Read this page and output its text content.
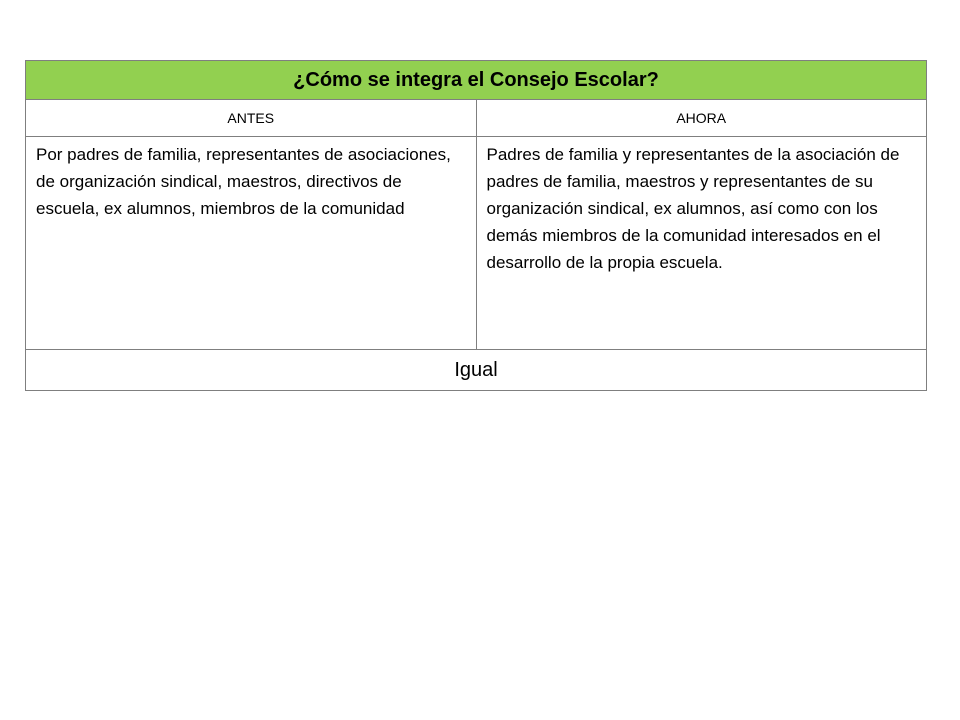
¿Cómo se integra el Consejo Escolar?	
ANTES	AHORA
Por padres de familia, representantes de asociaciones, de organización sindical, maestros, directivos de escuela, ex alumnos, miembros de la comunidad	Padres de familia y representantes de la asociación de padres de familia, maestros y representantes de su organización sindical, ex alumnos, así como con los demás miembros de la comunidad interesados en el desarrollo de la propia escuela.
Igual	
